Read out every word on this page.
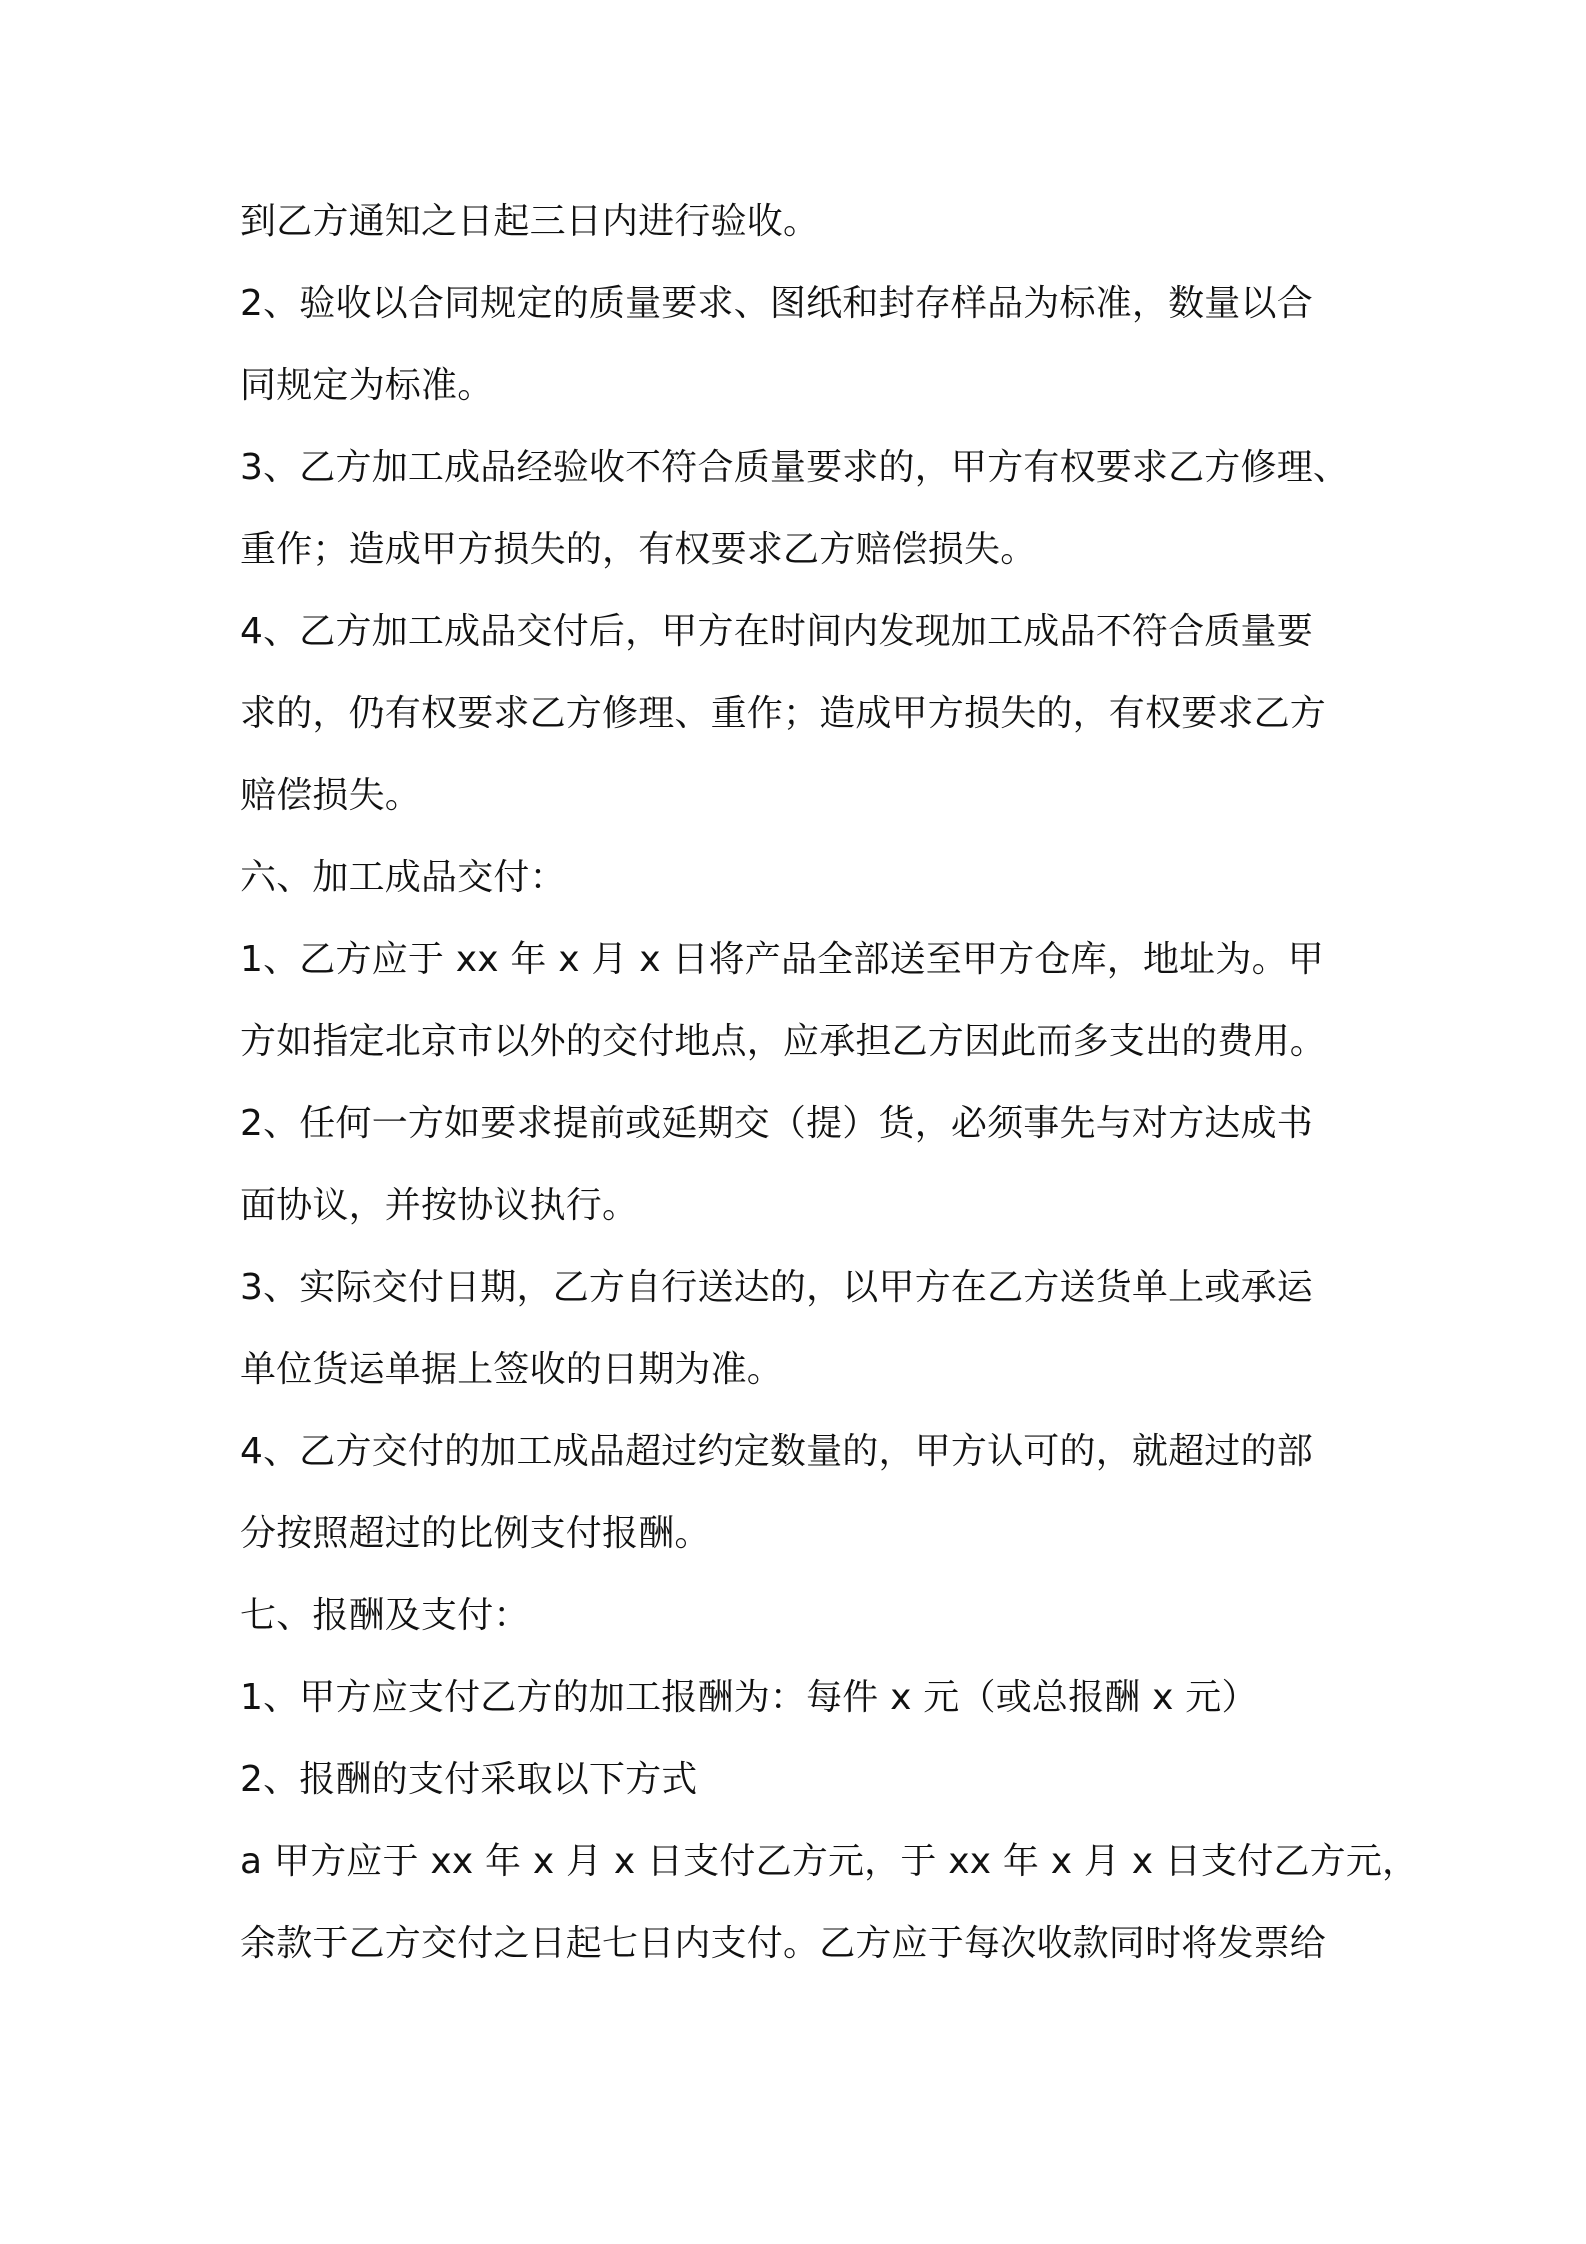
到乙方通知之日起三日内进行验收。
2、验收以合同规定的质量要求、图纸和封存样品为标准，数量以合
同规定为标准。
3、乙方加工成品经验收不符合质量要求的，甲方有权要求乙方修理、
重作；造成甲方损失的，有权要求乙方赔偿损失。
4、乙方加工成品交付后，甲方在时间内发现加工成品不符合质量要
求的，仍有权要求乙方修理、重作；造成甲方损失的，有权要求乙方
赔偿损失。
六、加工成品交付：
1、乙方应于 xx 年 x 月 x 日将产品全部送至甲方仓库，地址为。甲
方如指定北京市以外的交付地点，应承担乙方因此而多支出的费用。
2、任何一方如要求提前或延期交（提）货，必须事先与对方达成书
面协议，并按协议执行。
3、实际交付日期，乙方自行送达的，以甲方在乙方送货单上或承运
单位货运单据上签收的日期为准。
4、乙方交付的加工成品超过约定数量的，甲方认可的，就超过的部
分按照超过的比例支付报酬。
七、报酬及支付：
1、甲方应支付乙方的加工报酬为：每件 x 元（或总报酬 x 元）
2、报酬的支付采取以下方式
a 甲方应于 xx 年 x 月 x 日支付乙方元，于 xx 年 x 月 x 日支付乙方元，
余款于乙方交付之日起七日内支付。乙方应于每次收款同时将发票给
